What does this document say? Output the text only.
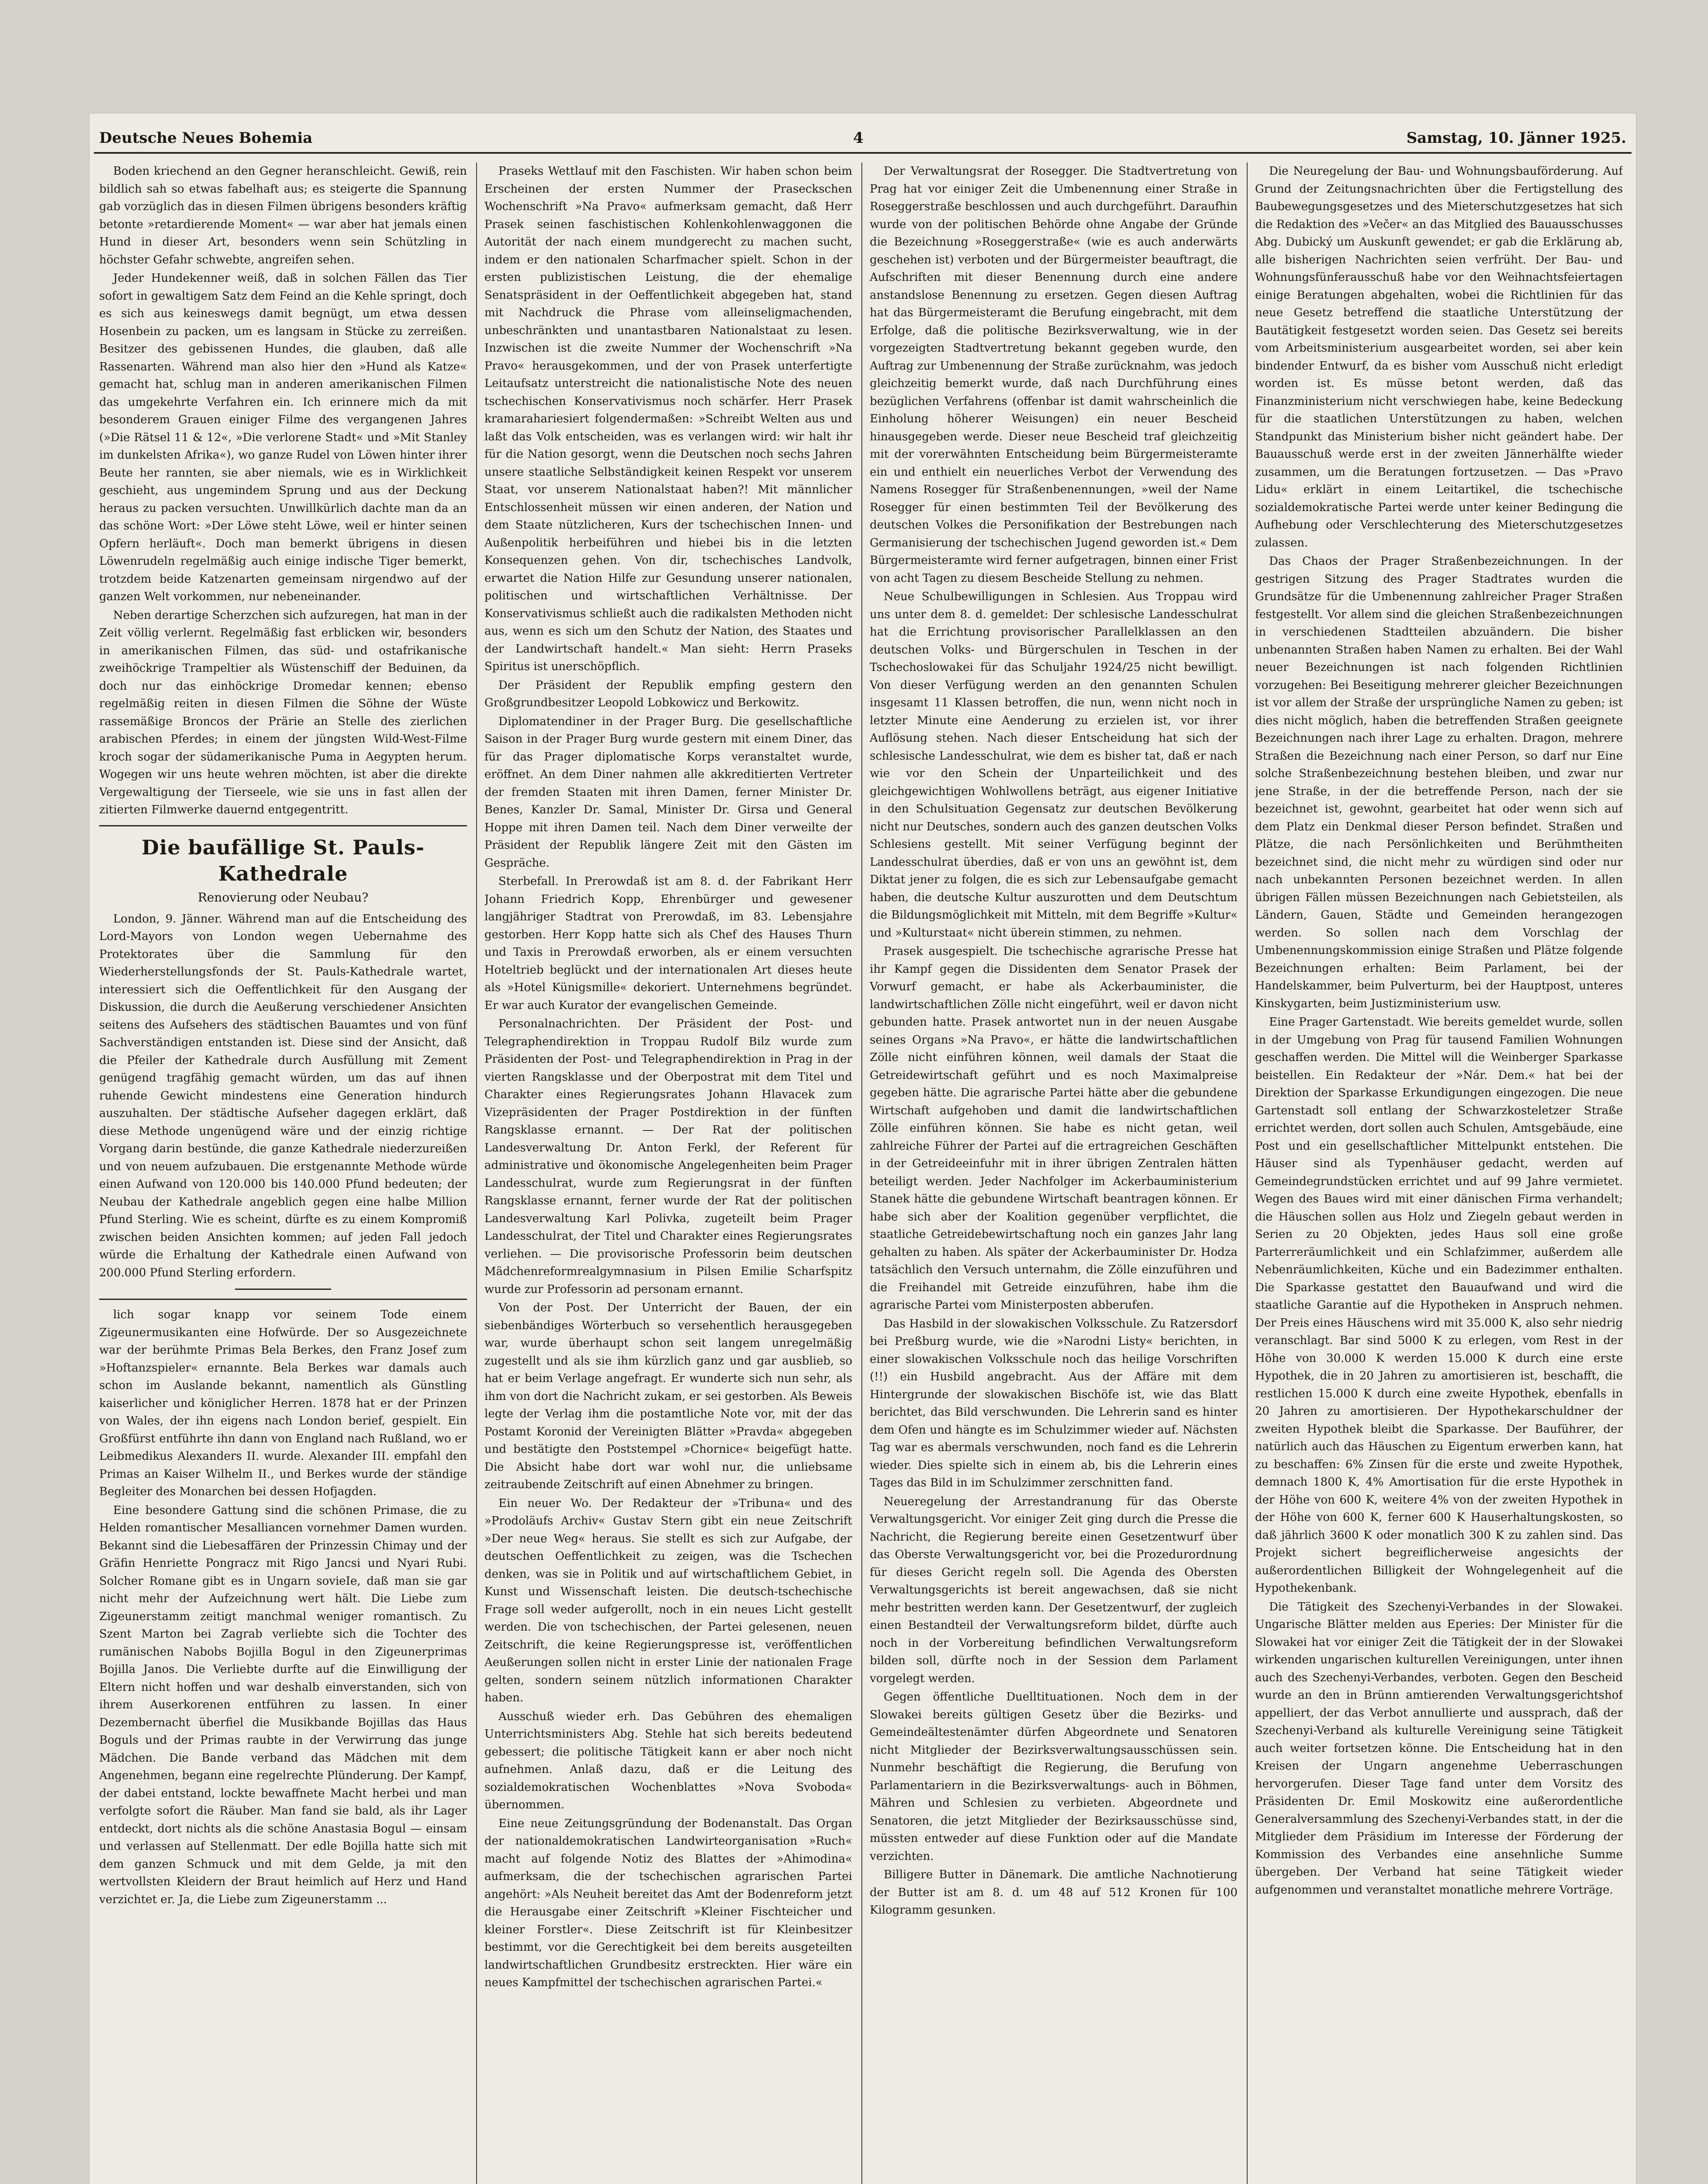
Deutsche Neues Bohemia	4	Samstag, 10. Jänner 1925.

Boden kriechend an den Gegner heranschleicht. Gewiß, rein bildlich sah so etwas fabelhaft aus; es steigerte die Spannung gab vorzüglich das in diesen Filmen übrigens besonders kräftig betonte »retardierende Moment« — war aber hat jemals einen Hund in dieser Art, besonders wenn sein Schützling in höchster Gefahr schwebte, angreifen sehen.

Jeder Hundekenner weiß, daß in solchen Fällen das Tier sofort in gewaltigem Satz dem Feind an die Kehle springt, doch es sich aus keineswegs damit begnügt, um etwa dessen Hosenbein zu packen, um es langsam in Stücke zu zerreißen. Besitzer des gebissenen Hundes, die glauben, daß alle Rassenarten. Während man also hier den »Hund als Katze« gemacht hat, schlug man in anderen amerikanischen Filmen das umgekehrte Verfahren ein. Ich erinnere mich da mit besonderem Grauen einiger Filme des vergangenen Jahres (»Die Rätsel 11 & 12«, »Die verlorene Stadt« und »Mit Stanley im dunkelsten Afrika«), wo ganze Rudel von Löwen hinter ihrer Beute her rannten, sie aber niemals, wie es in Wirklichkeit geschieht, aus ungemindem Sprung und aus der Deckung heraus zu packen versuchten. Unwillkürlich dachte man da an das schöne Wort: »Der Löwe steht Löwe, weil er hinter seinen Opfern herläuft«. Doch man bemerkt übrigens in diesen Löwenrudeln regelmäßig auch einige indische Tiger bemerkt, trotzdem beide Katzenarten gemeinsam nirgendwo auf der ganzen Welt vorkommen, nur nebeneinander.

Neben derartige Scherzchen sich aufzuregen, hat man in der Zeit völlig verlernt. Regelmäßig fast erblicken wir, besonders in amerikanischen Filmen, das süd- und ostafrikanische zweihöckrige Trampeltier als Wüstenschiff der Beduinen, da doch nur das einhöckrige Dromedar kennen; ebenso regelmäßig reiten in diesen Filmen die Söhne der Wüste rassemäßige Broncos der Prärie an Stelle des zierlichen arabischen Pferdes; in einem der jüngsten Wild-West-Filme kroch sogar der südamerikanische Puma in Aegypten herum. Wogegen wir uns heute wehren möchten, ist aber die direkte Vergewaltigung der Tierseele, wie sie uns in fast allen der zitierten Filmwerke dauernd entgegentritt.

Die baufällige St. Pauls-Kathedrale
Renovierung oder Neubau?

London, 9. Jänner. Während man auf die Entscheidung des Lord-Mayors von London wegen Uebernahme des Protektorates über die Sammlung für den Wiederherstellungsfonds der St. Pauls-Kathedrale wartet, interessiert sich die Oeffentlichkeit für den Ausgang der Diskussion, die durch die Aeußerung verschiedener Ansichten seitens des Aufsehers des städtischen Bauamtes und von fünf Sachverständigen entstanden ist. Diese sind der Ansicht, daß die Pfeiler der Kathedrale durch Ausfüllung mit Zement genügend tragfähig gemacht würden, um das auf ihnen ruhende Gewicht mindestens eine Generation hindurch auszuhalten. Der städtische Aufseher dagegen erklärt, daß diese Methode ungenügend wäre und der einzig richtige Vorgang darin bestünde, die ganze Kathedrale niederzureißen und von neuem aufzubauen. Die erstgenannte Methode würde einen Aufwand von 120.000 bis 140.000 Pfund bedeuten; der Neubau der Kathedrale angeblich gegen eine halbe Million Pfund Sterling. Wie es scheint, dürfte es zu einem Kompromiß zwischen beiden Ansichten kommen; auf jeden Fall jedoch würde die Erhaltung der Kathedrale einen Aufwand von 200.000 Pfund Sterling erfordern.

lich sogar knapp vor seinem Tode einem Zigeunermusikanten eine Hofwürde. Der so Ausgezeichnete war der berühmte Primas Bela Berkes, den Franz Josef zum »Hoftanzspieler« ernannte. Bela Berkes war damals auch schon im Auslande bekannt, namentlich als Günstling kaiserlicher und königlicher Herren. 1878 hat er der Prinzen von Wales, der ihn eigens nach London berief, gespielt. Ein Großfürst entführte ihn dann von England nach Rußland, wo er Leibmedikus Alexanders II. wurde. Alexander III. empfahl den Primas an Kaiser Wilhelm II., und Berkes wurde der ständige Begleiter des Monarchen bei dessen Hofjagden.

Eine besondere Gattung sind die schönen Primase, die zu Helden romantischer Mesalliancen vornehmer Damen wurden. Bekannt sind die Liebesaffären der Prinzessin Chimay und der Gräfin Henriette Pongracz mit Rigo Jancsi und Nyari Rubi. Solcher Romane gibt es in Ungarn sovieIe, daß man sie gar nicht mehr der Aufzeichnung wert hält. Die Liebe zum Zigeunerstamm zeitigt manchmal weniger romantisch. Zu Szent Marton bei Zagrab verliebte sich die Tochter des rumänischen Nabobs Bojilla Bogul in den Zigeunerprimas Bojilla Janos. Die Verliebte durfte auf die Einwilligung der Eltern nicht hoffen und war deshalb einverstanden, sich von ihrem Auserkorenen entführen zu lassen. In einer Dezembernacht überfiel die Musikbande Bojillas das Haus Boguls und der Primas raubte in der Verwirrung das junge Mädchen. Die Bande verband das Mädchen mit dem Angenehmen, begann eine regelrechte Plünderung. Der Kampf, der dabei entstand, lockte bewaffnete Macht herbei und man verfolgte sofort die Räuber. Man fand sie bald, als ihr Lager entdeckt, dort nichts als die schöne Anastasia Bogul — einsam und verlassen auf Stellenmatt. Der edle Bojilla hatte sich mit dem ganzen Schmuck und mit dem Gelde, ja mit den wertvollsten Kleidern der Braut heimlich auf Herz und Hand verzichtet er. Ja, die Liebe zum Zigeunerstamm ...

Praseks Wettlauf mit den Faschisten. Wir haben schon beim Erscheinen der ersten Nummer der Praseckschen Wochenschrift »Na Pravo« aufmerksam gemacht, daß Herr Prasek seinen faschistischen Kohlenkohlenwaggonen die Autorität der nach einem mundgerecht zu machen sucht, indem er den nationalen Scharfmacher spielt. Schon in der ersten publizistischen Leistung, die der ehemalige Senatspräsident in der Oeffentlichkeit abgegeben hat, stand mit Nachdruck die Phrase vom alleinseligmachenden, unbeschränkten und unantastbaren Nationalstaat zu lesen. Inzwischen ist die zweite Nummer der Wochenschrift »Na Pravo« herausgekommen, und der von Prasek unterfertigte Leitaufsatz unterstreicht die nationalistische Note des neuen tschechischen Konservativismus noch schärfer. Herr Prasek kramarahariesiert folgendermaßen: »Schreibt Welten aus und laßt das Volk entscheiden, was es verlangen wird: wir halt ihr für die Nation gesorgt, wenn die Deutschen noch sechs Jahren unsere staatliche Selbständigkeit keinen Respekt vor unserem Staat, vor unserem Nationalstaat haben?! Mit männlicher Entschlossenheit müssen wir einen anderen, der Nation und dem Staate nützlicheren, Kurs der tschechischen Innen- und Außenpolitik herbeiführen und hiebei bis in die letzten Konsequenzen gehen. Von dir, tschechisches Landvolk, erwartet die Nation Hilfe zur Gesundung unserer nationalen, politischen und wirtschaftlichen Verhältnisse. Der Konservativismus schließt auch die radikalsten Methoden nicht aus, wenn es sich um den Schutz der Nation, des Staates und der Landwirtschaft handelt.« Man sieht: Herrn Praseks Spiritus ist unerschöpflich.

Der Präsident der Republik empfing gestern den Großgrundbesitzer Leopold Lobkowicz und Berkowitz.

Diplomatendiner in der Prager Burg. Die gesellschaftliche Saison in der Prager Burg wurde gestern mit einem Diner, das für das Prager diplomatische Korps veranstaltet wurde, eröffnet. An dem Diner nahmen alle akkreditierten Vertreter der fremden Staaten mit ihren Damen, ferner Minister Dr. Benes, Kanzler Dr. Samal, Minister Dr. Girsa und General Hoppe mit ihren Damen teil. Nach dem Diner verweilte der Präsident der Republik längere Zeit mit den Gästen im Gespräche.

Sterbefall. In Prerowdaß ist am 8. d. der Fabrikant Herr Johann Friedrich Kopp, Ehrenbürger und gewesener langjähriger Stadtrat von Prerowdaß, im 83. Lebensjahre gestorben. Herr Kopp hatte sich als Chef des Hauses Thurn und Taxis in Prerowdaß erworben, als er einem versuchten Hoteltrieb beglückt und der internationalen Art dieses heute als »Hotel Künigsmille« dekoriert. Unternehmens begründet. Er war auch Kurator der evangelischen Gemeinde.

Personalnachrichten. Der Präsident der Post- und Telegraphendirektion in Troppau Rudolf Bilz wurde zum Präsidenten der Post- und Telegraphendirektion in Prag in der vierten Rangsklasse und der Oberpostrat mit dem Titel und Charakter eines Regierungsrates Johann Hlavacek zum Vizepräsidenten der Prager Postdirektion in der fünften Rangsklasse ernannt. — Der Rat der politischen Landesverwaltung Dr. Anton Ferkl, der Referent für administrative und ökonomische Angelegenheiten beim Prager Landesschulrat, wurde zum Regierungsrat in der fünften Rangsklasse ernannt, ferner wurde der Rat der politischen Landesverwaltung Karl Polivka, zugeteilt beim Prager Landesschulrat, der Titel und Charakter eines Regierungsrates verliehen. — Die provisorische Professorin beim deutschen Mädchenreformrealgymnasium in Pilsen Emilie Scharfspitz wurde zur Professorin ad personam ernannt.

Von der Post. Der Unterricht der Bauen, der ein siebenbändiges Wörterbuch so versehentlich herausgegeben war, wurde überhaupt schon seit langem unregelmäßig zugestellt und als sie ihm kürzlich ganz und gar ausblieb, so hat er beim Verlage angefragt. Er wunderte sich nun sehr, als ihm von dort die Nachricht zukam, er sei gestorben. Als Beweis legte der Verlag ihm die postamtliche Note vor, mit der das Postamt Koronid der Vereinigten Blätter »Pravda« abgegeben und bestätigte den Poststempel »Chornice« beigefügt hatte. Die Absicht habe dort war wohl nur, die unliebsame zeitraubende Zeitschrift auf einen Abnehmer zu bringen.

Ein neuer Wo. Der Redakteur der »Tribuna« und des »Prodoläufs Archiv« Gustav Stern gibt ein neue Zeitschrift »Der neue Weg« heraus. Sie stellt es sich zur Aufgabe, der deutschen Oeffentlichkeit zu zeigen, was die Tschechen denken, was sie in Politik und auf wirtschaftlichem Gebiet, in Kunst und Wissenschaft leisten. Die deutsch-tschechische Frage soll weder aufgerollt, noch in ein neues Licht gestellt werden. Die von tschechischen, der Partei gelesenen, neuen Zeitschrift, die keine Regierungspresse ist, veröffentlichen Aeußerungen sollen nicht in erster Linie der nationalen Frage gelten, sondern seinem nützlich informationen Charakter haben.

Ausschuß wieder erh. Das Gebühren des ehemaligen Unterrichtsministers Abg. Stehle hat sich bereits bedeutend gebessert; die politische Tätigkeit kann er aber noch nicht aufnehmen. Anlaß dazu, daß er die Leitung des sozialdemokratischen Wochenblattes »Nova Svoboda« übernommen.

Eine neue Zeitungsgründung der Bodenanstalt. Das Organ der nationaldemokratischen Landwirteorganisation »Ruch« macht auf folgende Notiz des Blattes der »Ahimodina« aufmerksam, die der tschechischen agrarischen Partei angehört: »Als Neuheit bereitet das Amt der Bodenreform jetzt die Herausgabe einer Zeitschrift »Kleiner Fischteicher und kleiner Forstler«. Diese Zeitschrift ist für Kleinbesitzer bestimmt, vor die Gerechtigkeit bei dem bereits ausgeteilten landwirtschaftlichen Grundbesitz erstreckten. Hier wäre ein neues Kampfmittel der tschechischen agrarischen Partei.«

Der Verwaltungsrat der Rosegger. Die Stadtvertretung von Prag hat vor einiger Zeit die Umbenennung einer Straße in Roseggerstraße beschlossen und auch durchgeführt. Daraufhin wurde von der politischen Behörde ohne Angabe der Gründe die Bezeichnung »Roseggerstraße« (wie es auch anderwärts geschehen ist) verboten und der Bürgermeister beauftragt, die Aufschriften mit dieser Benennung durch eine andere anstandslose Benennung zu ersetzen. Gegen diesen Auftrag hat das Bürgermeisteramt die Berufung eingebracht, mit dem Erfolge, daß die politische Bezirksverwaltung, wie in der vorgezeigten Stadtvertretung bekannt gegeben wurde, den Auftrag zur Umbenennung der Straße zurücknahm, was jedoch gleichzeitig bemerkt wurde, daß nach Durchführung eines bezüglichen Verfahrens (offenbar ist damit wahrscheinlich die Einholung höherer Weisungen) ein neuer Bescheid hinausgegeben werde. Dieser neue Bescheid traf gleichzeitig mit der vorerwähnten Entscheidung beim Bürgermeisteramte ein und enthielt ein neuerliches Verbot der Verwendung des Namens Rosegger für Straßenbenennungen, »weil der Name Rosegger für einen bestimmten Teil der Bevölkerung des deutschen Volkes die Personifikation der Bestrebungen nach Germanisierung der tschechischen Jugend geworden ist.« Dem Bürgermeisteramte wird ferner aufgetragen, binnen einer Frist von acht Tagen zu diesem Bescheide Stellung zu nehmen.

Neue Schulbewilligungen in Schlesien. Aus Troppau wird uns unter dem 8. d. gemeldet: Der schlesische Landesschulrat hat die Errichtung provisorischer Parallelklassen an den deutschen Volks- und Bürgerschulen in Teschen in der Tschechoslowakei für das Schuljahr 1924/25 nicht bewilligt. Von dieser Verfügung werden an den genannten Schulen insgesamt 11 Klassen betroffen, die nun, wenn nicht noch in letzter Minute eine Aenderung zu erzielen ist, vor ihrer Auflösung stehen. Nach dieser Entscheidung hat sich der schlesische Landesschulrat, wie dem es bisher tat, daß er nach wie vor den Schein der Unparteilichkeit und des gleichgewichtigen Wohlwollens beträgt, aus eigener Initiative in den Schulsituation Gegensatz zur deutschen Bevölkerung nicht nur Deutsches, sondern auch des ganzen deutschen Volks Schlesiens gestellt. Mit seiner Verfügung beginnt der Landesschulrat überdies, daß er von uns an gewöhnt ist, dem Diktat jener zu folgen, die es sich zur Lebensaufgabe gemacht haben, die deutsche Kultur auszurotten und dem Deutschtum die Bildungsmöglichkeit mit Mitteln, mit dem Begriffe »Kultur« und »Kulturstaat« nicht überein stimmen, zu nehmen.

Prasek ausgespielt. Die tschechische agrarische Presse hat ihr Kampf gegen die Dissidenten dem Senator Prasek der Vorwurf gemacht, er habe als Ackerbauminister, die landwirtschaftlichen Zölle nicht eingeführt, weil er davon nicht gebunden hatte. Prasek antwortet nun in der neuen Ausgabe seines Organs »Na Pravo«, er hätte die landwirtschaftlichen Zölle nicht einführen können, weil damals der Staat die Getreidewirtschaft geführt und es noch Maximalpreise gegeben hätte. Die agrarische Partei hätte aber die gebundene Wirtschaft aufgehoben und damit die landwirtschaftlichen Zölle einführen können. Sie habe es nicht getan, weil zahlreiche Führer der Partei auf die ertragreichen Geschäften in der Getreideeinfuhr mit in ihrer übrigen Zentralen hätten beteiligt werden. Jeder Nachfolger im Ackerbauministerium Stanek hätte die gebundene Wirtschaft beantragen können. Er habe sich aber der Koalition gegenüber verpflichtet, die staatliche Getreidebewirtschaftung noch ein ganzes Jahr lang gehalten zu haben. Als später der Ackerbauminister Dr. Hodza tatsächlich den Versuch unternahm, die Zölle einzuführen und die Freihandel mit Getreide einzuführen, habe ihm die agrarische Partei vom Ministerposten abberufen.

Das Hasbild in der slowakischen Volksschule. Zu Ratzersdorf bei Preßburg wurde, wie die »Narodni Listy« berichten, in einer slowakischen Volksschule noch das heilige Vorschriften (!!) ein Husbild angebracht. Aus der Affäre mit dem Hintergrunde der slowakischen Bischöfe ist, wie das Blatt berichtet, das Bild verschwunden. Die Lehrerin sand es hinter dem Ofen und hängte es im Schulzimmer wieder auf. Nächsten Tag war es abermals verschwunden, noch fand es die Lehrerin wieder. Dies spielte sich in einem ab, bis die Lehrerin eines Tages das Bild in im Schulzimmer zerschnitten fand.

Neueregelung der Arrestandranung für das Oberste Verwaltungsgericht. Vor einiger Zeit ging durch die Presse die Nachricht, die Regierung bereite einen Gesetzentwurf über das Oberste Verwaltungsgericht vor, bei die Prozedurordnung für dieses Gericht regeln soll. Die Agenda des Obersten Verwaltungsgerichts ist bereit angewachsen, daß sie nicht mehr bestritten werden kann. Der Gesetzentwurf, der zugleich einen Bestandteil der Verwaltungsreform bildet, dürfte auch noch in der Vorbereitung befindlichen Verwaltungsreform bilden soll, dürfte noch in der Session dem Parlament vorgelegt werden.

Gegen öffentliche Duelltituationen. Noch dem in der Slowakei bereits gültigen Gesetz über die Bezirks- und Gemeindeältestenämter dürfen Abgeordnete und Senatoren nicht Mitglieder der Bezirksverwaltungsausschüssen sein. Nunmehr beschäftigt die Regierung, die Berufung von Parlamentariern in die Bezirksverwaltungs- auch in Böhmen, Mähren und Schlesien zu verbieten. Abgeordnete und Senatoren, die jetzt Mitglieder der Bezirksausschüsse sind, müssten entweder auf diese Funktion oder auf die Mandate verzichten.

Billigere Butter in Dänemark. Die amtliche Nachnotierung der Butter ist am 8. d. um 48 auf 512 Kronen für 100 Kilogramm gesunken.

Die Neuregelung der Bau- und Wohnungsbauförderung. Auf Grund der Zeitungsnachrichten über die Fertigstellung des Baubewegungsgesetzes und des Mieterschutzgesetzes hat sich die Redaktion des »Večer« an das Mitglied des Bauausschusses Abg. Dubický um Auskunft gewendet; er gab die Erklärung ab, alle bisherigen Nachrichten seien verfrüht. Der Bau- und Wohnungsfünferausschuß habe vor den Weihnachtsfeiertagen einige Beratungen abgehalten, wobei die Richtlinien für das neue Gesetz betreffend die staatliche Unterstützung der Bautätigkeit festgesetzt worden seien. Das Gesetz sei bereits vom Arbeitsministerium ausgearbeitet worden, sei aber kein bindender Entwurf, da es bisher vom Ausschuß nicht erledigt worden ist. Es müsse betont werden, daß das Finanzministerium nicht verschwiegen habe, keine Bedeckung für die staatlichen Unterstützungen zu haben, welchen Standpunkt das Ministerium bisher nicht geändert habe. Der Bauausschuß werde erst in der zweiten Jännerhälfte wieder zusammen, um die Beratungen fortzusetzen. — Das »Pravo Lidu« erklärt in einem Leitartikel, die tschechische sozialdemokratische Partei werde unter keiner Bedingung die Aufhebung oder Verschlechterung des Mieterschutzgesetzes zulassen.

Das Chaos der Prager Straßenbezeichnungen. In der gestrigen Sitzung des Prager Stadtrates wurden die Grundsätze für die Umbenennung zahlreicher Prager Straßen festgestellt. Vor allem sind die gleichen Straßenbezeichnungen in verschiedenen Stadtteilen abzuändern. Die bisher unbenannten Straßen haben Namen zu erhalten. Bei der Wahl neuer Bezeichnungen ist nach folgenden Richtlinien vorzugehen: Bei Beseitigung mehrerer gleicher Bezeichnungen ist vor allem der Straße der ursprüngliche Namen zu geben; ist dies nicht möglich, haben die betreffenden Straßen geeignete Bezeichnungen nach ihrer Lage zu erhalten. Dragon, mehrere Straßen die Bezeichnung nach einer Person, so darf nur Eine solche Straßenbezeichnung bestehen bleiben, und zwar nur jene Straße, in der die betreffende Person, nach der sie bezeichnet ist, gewohnt, gearbeitet hat oder wenn sich auf dem Platz ein Denkmal dieser Person befindet. Straßen und Plätze, die nach Persönlichkeiten und Berühmtheiten bezeichnet sind, die nicht mehr zu würdigen sind oder nur nach unbekannten Personen bezeichnet werden. In allen übrigen Fällen müssen Bezeichnungen nach Gebietsteilen, als Ländern, Gauen, Städte und Gemeinden herangezogen werden. So sollen nach dem Vorschlag der Umbenennungskommission einige Straßen und Plätze folgende Bezeichnungen erhalten: Beim Parlament, bei der Handelskammer, beim Pulverturm, bei der Hauptpost, unteres Kinskygarten, beim Justizministerium usw.

Eine Prager Gartenstadt. Wie bereits gemeldet wurde, sollen in der Umgebung von Prag für tausend Familien Wohnungen geschaffen werden. Die Mittel will die Weinberger Sparkasse beistellen. Ein Redakteur der »Nár. Dem.« hat bei der Direktion der Sparkasse Erkundigungen eingezogen. Die neue Gartenstadt soll entlang der Schwarzkosteletzer Straße errichtet werden, dort sollen auch Schulen, Amtsgebäude, eine Post und ein gesellschaftlicher Mittelpunkt entstehen. Die Häuser sind als Typenhäuser gedacht, werden auf Gemeindegrundstücken errichtet und auf 99 Jahre vermietet. Wegen des Baues wird mit einer dänischen Firma verhandelt; die Häuschen sollen aus Holz und Ziegeln gebaut werden in Serien zu 20 Objekten, jedes Haus soll eine große Parterreräumlichkeit und ein Schlafzimmer, außerdem alle Nebenräumlichkeiten, Küche und ein Badezimmer enthalten. Die Sparkasse gestattet den Bauaufwand und wird die staatliche Garantie auf die Hypotheken in Anspruch nehmen. Der Preis eines Häuschens wird mit 35.000 K, also sehr niedrig veranschlagt. Bar sind 5000 K zu erlegen, vom Rest in der Höhe von 30.000 K werden 15.000 K durch eine erste Hypothek, die in 20 Jahren zu amortisieren ist, beschafft, die restlichen 15.000 K durch eine zweite Hypothek, ebenfalls in 20 Jahren zu amortisieren. Der Hypothekarschuldner der zweiten Hypothek bleibt die Sparkasse. Der Bauführer, der natürlich auch das Häuschen zu Eigentum erwerben kann, hat zu beschaffen: 6% Zinsen für die erste und zweite Hypothek, demnach 1800 K, 4% Amortisation für die erste Hypothek in der Höhe von 600 K, weitere 4% von der zweiten Hypothek in der Höhe von 600 K, ferner 600 K Hauserhaltungskosten, so daß jährlich 3600 K oder monatlich 300 K zu zahlen sind. Das Projekt sichert begreiflicherweise angesichts der außerordentlichen Billigkeit der Wohngelegenheit auf die Hypothekenbank.

Die Tätigkeit des Szechenyi-Verbandes in der Slowakei. Ungarische Blätter melden aus Eperies: Der Minister für die Slowakei hat vor einiger Zeit die Tätigkeit der in der Slowakei wirkenden ungarischen kulturellen Vereinigungen, unter ihnen auch des Szechenyi-Verbandes, verboten. Gegen den Bescheid wurde an den in Brünn amtierenden Verwaltungsgerichtshof appelliert, der das Verbot annullierte und aussprach, daß der Szechenyi-Verband als kulturelle Vereinigung seine Tätigkeit auch weiter fortsetzen könne. Die Entscheidung hat in den Kreisen der Ungarn angenehme Ueberraschungen hervorgerufen. Dieser Tage fand unter dem Vorsitz des Präsidenten Dr. Emil Moskowitz eine außerordentliche Generalversammlung des Szechenyi-Verbandes statt, in der die Mitglieder dem Präsidium im Interesse der Förderung der Kommission des Verbandes eine ansehnliche Summe übergeben. Der Verband hat seine Tätigkeit wieder aufgenommen und veranstaltet monatliche mehrere Vorträge.
